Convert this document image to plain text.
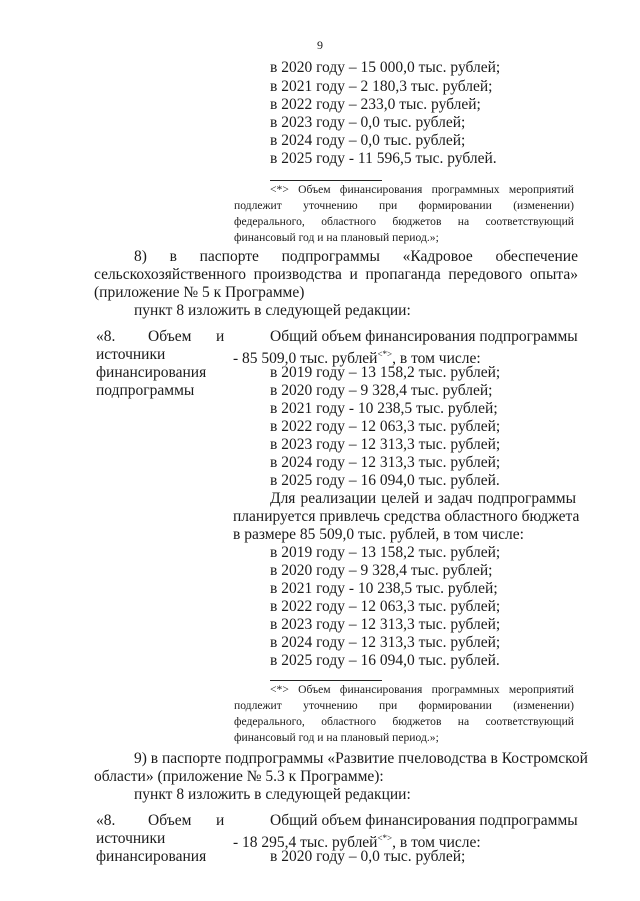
9
в 2020 году – 15 000,0 тыс. рублей;
в 2021 году – 2 180,3 тыс. рублей;
в 2022 году – 233,0 тыс. рублей;
в 2023 году – 0,0 тыс. рублей;
в 2024 году – 0,0 тыс. рублей;
в 2025 году - 11 596,5 тыс. рублей.
<*> Объем финансирования программных мероприятий
подлежит уточнению при формировании (изменении)
федерального, областного бюджетов на соответствующий
финансовый год и на плановый период.»;
8) в паспорте подпрограммы «Кадровое обеспечение
сельскохозяйственного производства и пропаганда передового опыта»
(приложение № 5 к Программе)
пункт 8 изложить в следующей редакции:
«8. Объем и
источники
финансирования
подпрограммы
Общий объем финансирования подпрограммы
- 85 509,0 тыс. рублей<*>, в том числе:
в 2019 году – 13 158,2 тыс. рублей;
в 2020 году – 9 328,4 тыс. рублей;
в 2021 году - 10 238,5 тыс. рублей;
в 2022 году – 12 063,3 тыс. рублей;
в 2023 году – 12 313,3 тыс. рублей;
в 2024 году – 12 313,3 тыс. рублей;
в 2025 году – 16 094,0 тыс. рублей.
Для реализации целей и задач подпрограммы
планируется привлечь средства областного бюджета
в размере 85 509,0 тыс. рублей, в том числе:
в 2019 году – 13 158,2 тыс. рублей;
в 2020 году – 9 328,4 тыс. рублей;
в 2021 году - 10 238,5 тыс. рублей;
в 2022 году – 12 063,3 тыс. рублей;
в 2023 году – 12 313,3 тыс. рублей;
в 2024 году – 12 313,3 тыс. рублей;
в 2025 году – 16 094,0 тыс. рублей.
<*> Объем финансирования программных мероприятий
подлежит уточнению при формировании (изменении)
федерального, областного бюджетов на соответствующий
финансовый год и на плановый период.»;
9) в паспорте подпрограммы «Развитие пчеловодства в Костромской
области» (приложение № 5.3 к Программе):
пункт 8 изложить в следующей редакции:
«8. Объем и
источники
финансирования
Общий объем финансирования подпрограммы
- 18 295,4 тыс. рублей<*>, в том числе:
в 2020 году – 0,0 тыс. рублей;
